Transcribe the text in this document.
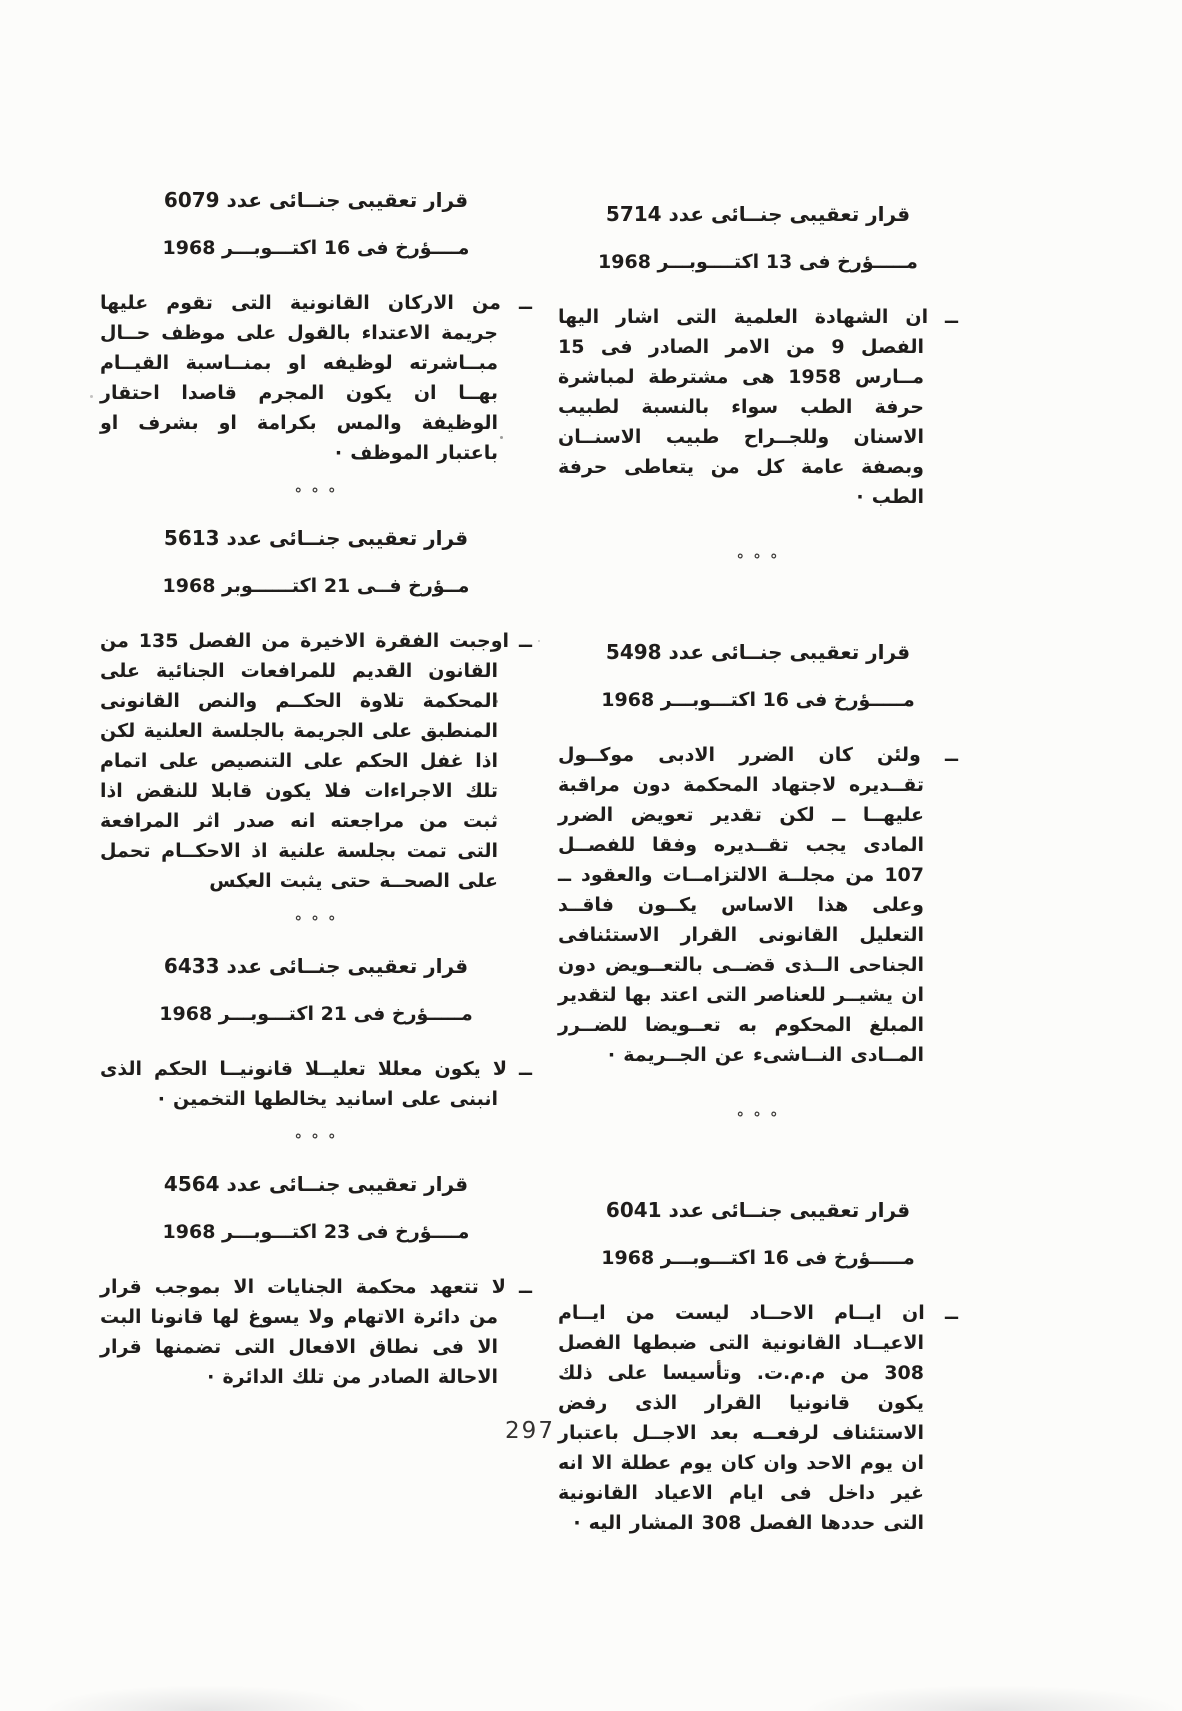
قرار تعقيبى جنــائى عدد 5714
مـــــؤرخ فى 13 اكتــــوبـــر 1968
ــ ان الشهادة العلمية التى اشار اليها الفصل 9 من الامر الصادر فى 15 مــارس 1958 هى مشترطة لمباشرة حرفة الطب سواء بالنسبة لطبيب الاسنان وللجــراح طبيب الاسنــان وبصفة عامة كل من يتعاطى حرفة الطب ·
° ° °
قرار تعقيبى جنــائى عدد 5498
مـــــؤرخ فى 16 اكتـــوبـــر 1968
ــ ولئن كان الضرر الادبى موكــول تقــديره لاجتهاد المحكمة دون مراقبة عليهــا ــ لكن تقدير تعويض الضرر المادى يجب تقــديره وفقا للفصــل 107 من مجلــة الالتزامــات والعقود ــ وعلى هذا الاساس يكــون فاقــد التعليل القانونى القرار الاستئنافى الجناحى الــذى قضــى بالتعــويض دون ان يشيــر للعناصر التى اعتد بها لتقدير المبلغ المحكوم به تعــويضا للضــرر المــادى النــاشىء عن الجــريمة ·
° ° °
قرار تعقيبى جنــائى عدد 6041
مـــــؤرخ فى 16 اكتـــوبـــر 1968
ــ ان ايــام الاحــاد ليست من ايــام الاعيــاد القانونية التى ضبطها الفصل 308 من م.م.ت. وتأسيسا على ذلك يكون قانونيا القرار الذى رفض الاستئناف لرفعــه بعد الاجــل باعتبار ان يوم الاحد وان كان يوم عطلة الا انه غير داخل فى ايام الاعياد القانونية التى حددها الفصل 308 المشار اليه ·
قرار تعقيبى جنــائى عدد 6079
مــــؤرخ فى 16 اكتـــوبـــر 1968
ــ من الاركان القانونية التى تقوم عليها جريمة الاعتداء بالقول على موظف حــال مبــاشرته لوظيفه او بمنــاسبة القيــام بهــا ان يكون المجرم قاصدا احتقار الوظيفة والمس بكرامة او بشرف او باعتبار الموظف ·
° ° °
قرار تعقيبى جنــائى عدد 5613
مــؤرخ فــى 21 اكتــــــوبر 1968
ــ اوجبت الفقرة الاخيرة من الفصل 135 من القانون القديم للمرافعات الجنائية على المحكمة تلاوة الحكــم والنص القانونى المنطبق على الجريمة بالجلسة العلنية لكن اذا غفل الحكم على التنصيص على اتمام تلك الاجراءات فلا يكون قابلا للنقض اذا ثبت من مراجعته انه صدر اثر المرافعة التى تمت بجلسة علنية اذ الاحكــام تحمل على الصحــة حتى يثبت العكس
° ° °
قرار تعقيبى جنــائى عدد 6433
مـــــؤرخ فى 21 اكتـــوبـــر 1968
ــ لا يكون معللا تعليــلا قانونيــا الحكم الذى انبنى على اسانيد يخالطها التخمين ·
° ° °
قرار تعقيبى جنــائى عدد 4564
مــــؤرخ فى 23 اكتـــوبـــر 1968
ــ لا تتعهد محكمة الجنايات الا بموجب قرار من دائرة الاتهام ولا يسوغ لها قانونا البت الا فى نطاق الافعال التى تضمنها قرار الاحالة الصادر من تلك الدائرة ·
297
